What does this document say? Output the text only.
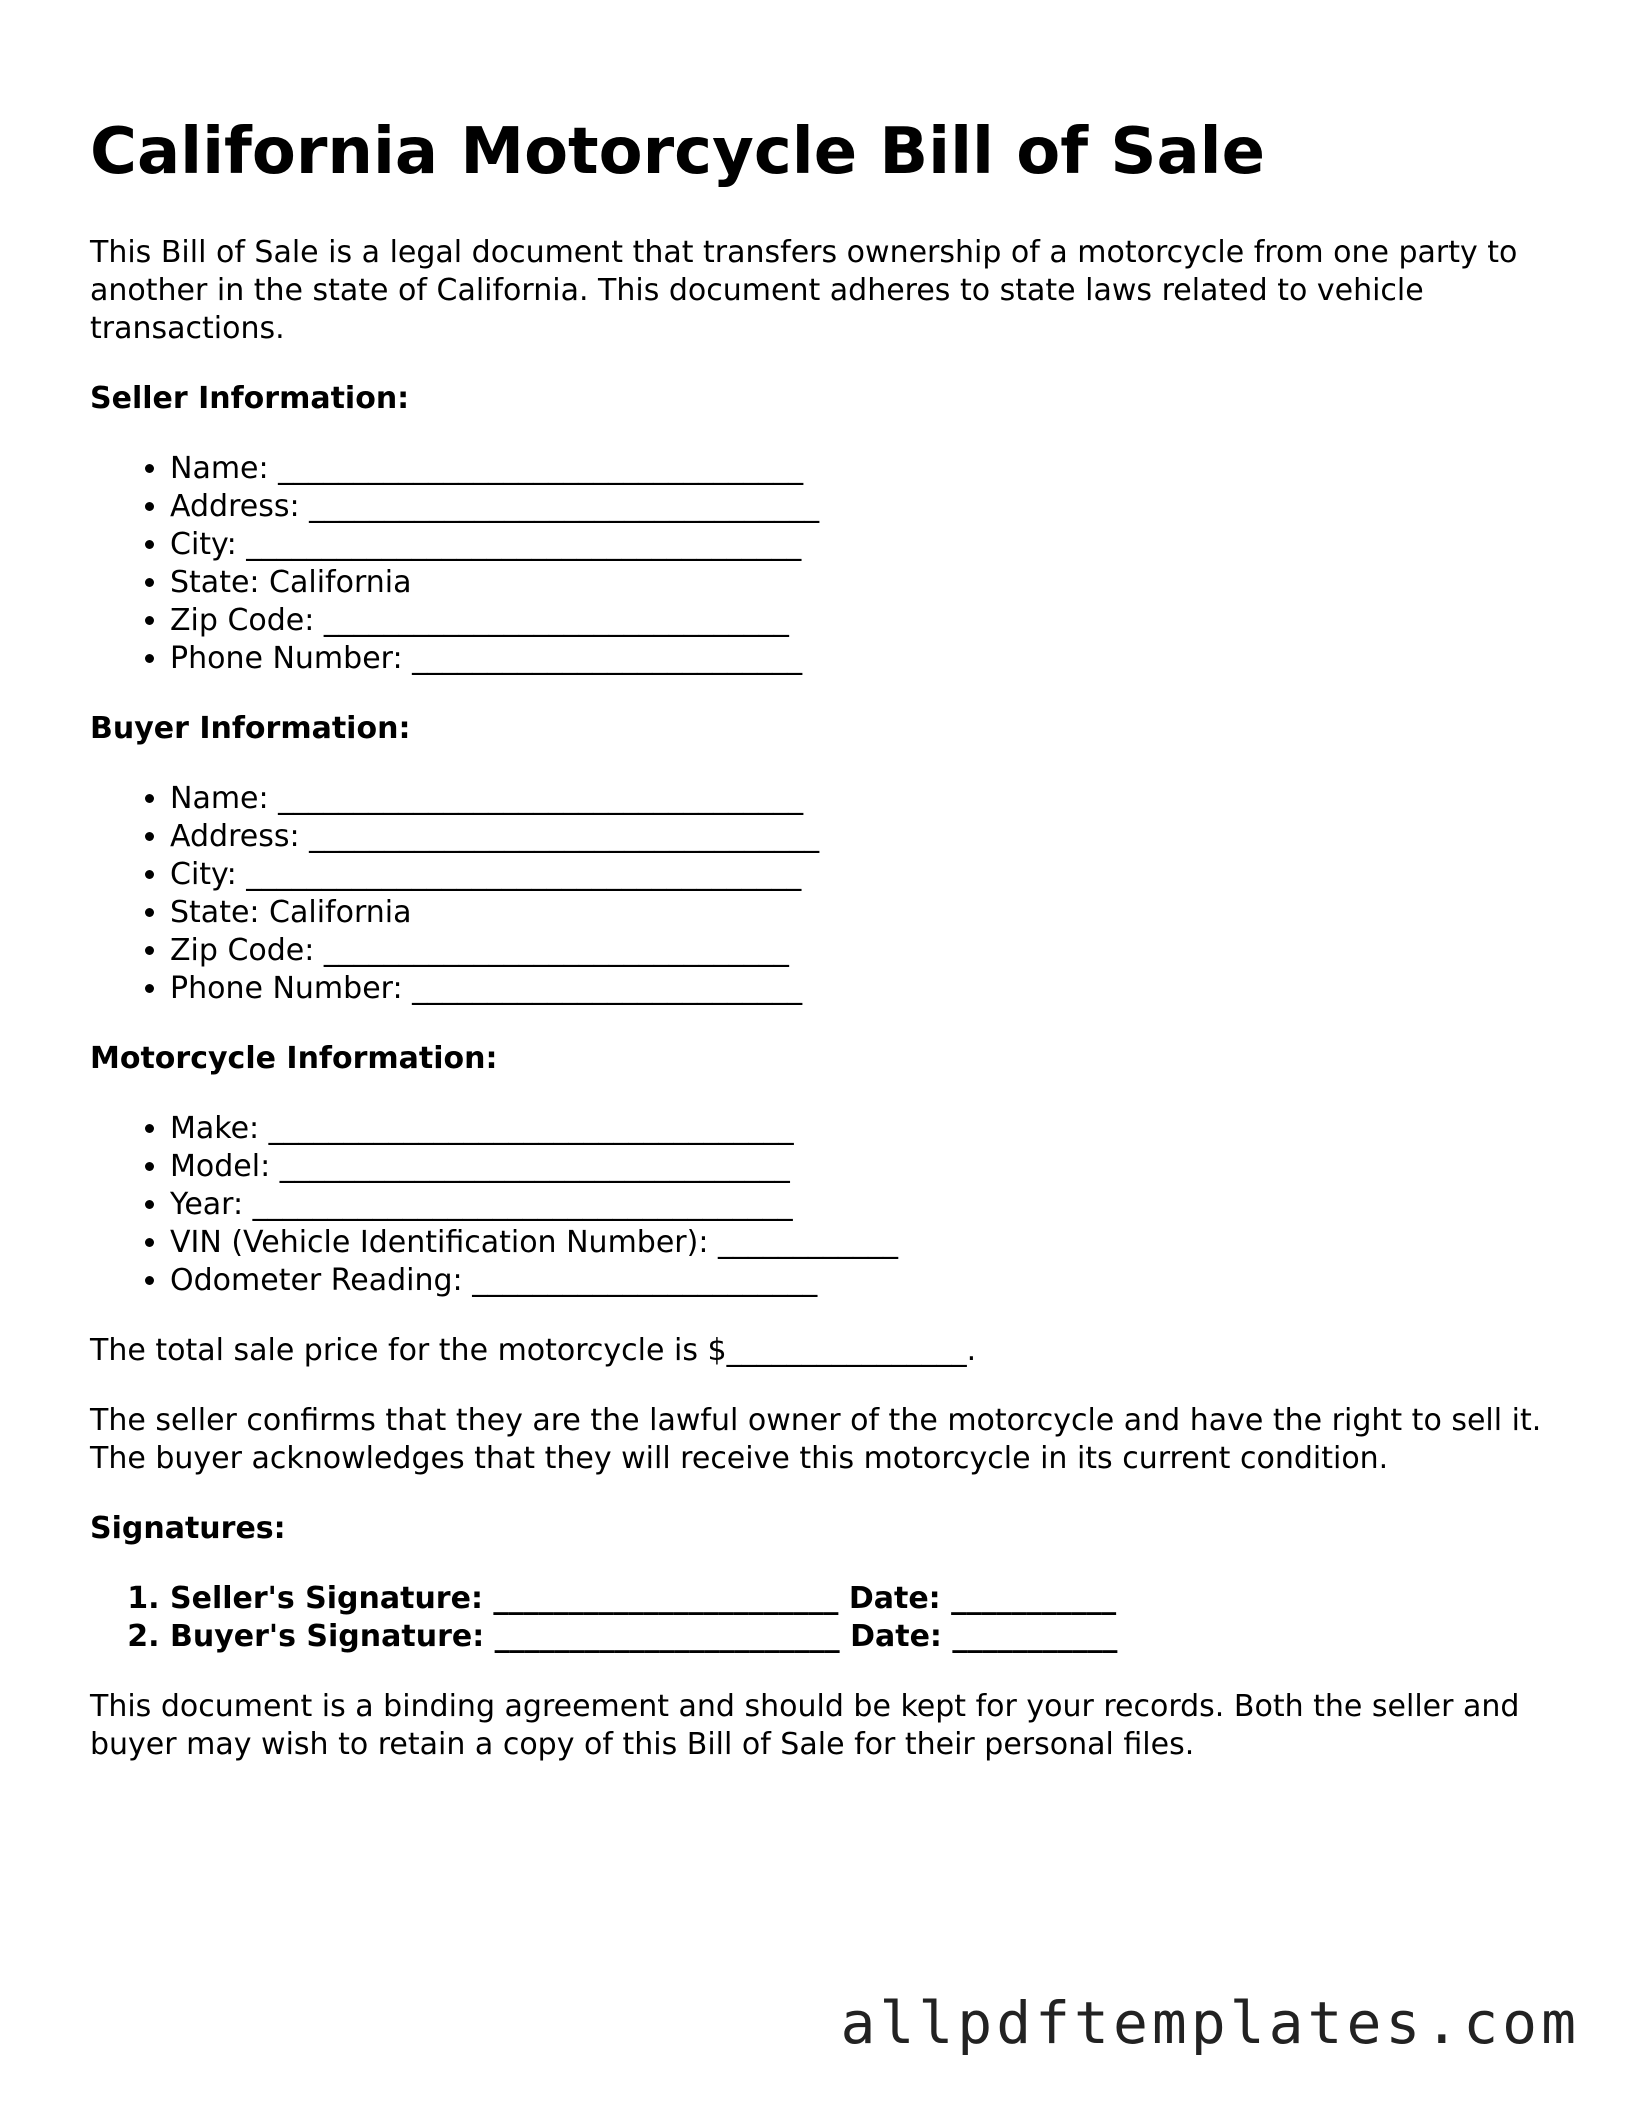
California Motorcycle Bill of Sale

This Bill of Sale is a legal document that transfers ownership of a motorcycle from one party to another in the state of California. This document adheres to state laws related to vehicle transactions.

Seller Information:
• Name: ___________________________________
• Address: __________________________________
• City: _____________________________________
• State: California
• Zip Code: _______________________________
• Phone Number: __________________________
Buyer Information:
• Name: ___________________________________
• Address: __________________________________
• City: _____________________________________
• State: California
• Zip Code: _______________________________
• Phone Number: __________________________
Motorcycle Information:
• Make: ___________________________________
• Model: __________________________________
• Year: ____________________________________
• VIN (Vehicle Identification Number): ____________
• Odometer Reading: _______________________

The total sale price for the motorcycle is $________________.

The seller confirms that they are the lawful owner of the motorcycle and have the right to sell it. The buyer acknowledges that they will receive this motorcycle in its current condition.

Signatures:
1. Seller's Signature: _______________________ Date: ___________
2. Buyer's Signature: _______________________ Date: ___________

This document is a binding agreement and should be kept for your records. Both the seller and buyer may wish to retain a copy of this Bill of Sale for their personal files.

allpdftemplates.com
